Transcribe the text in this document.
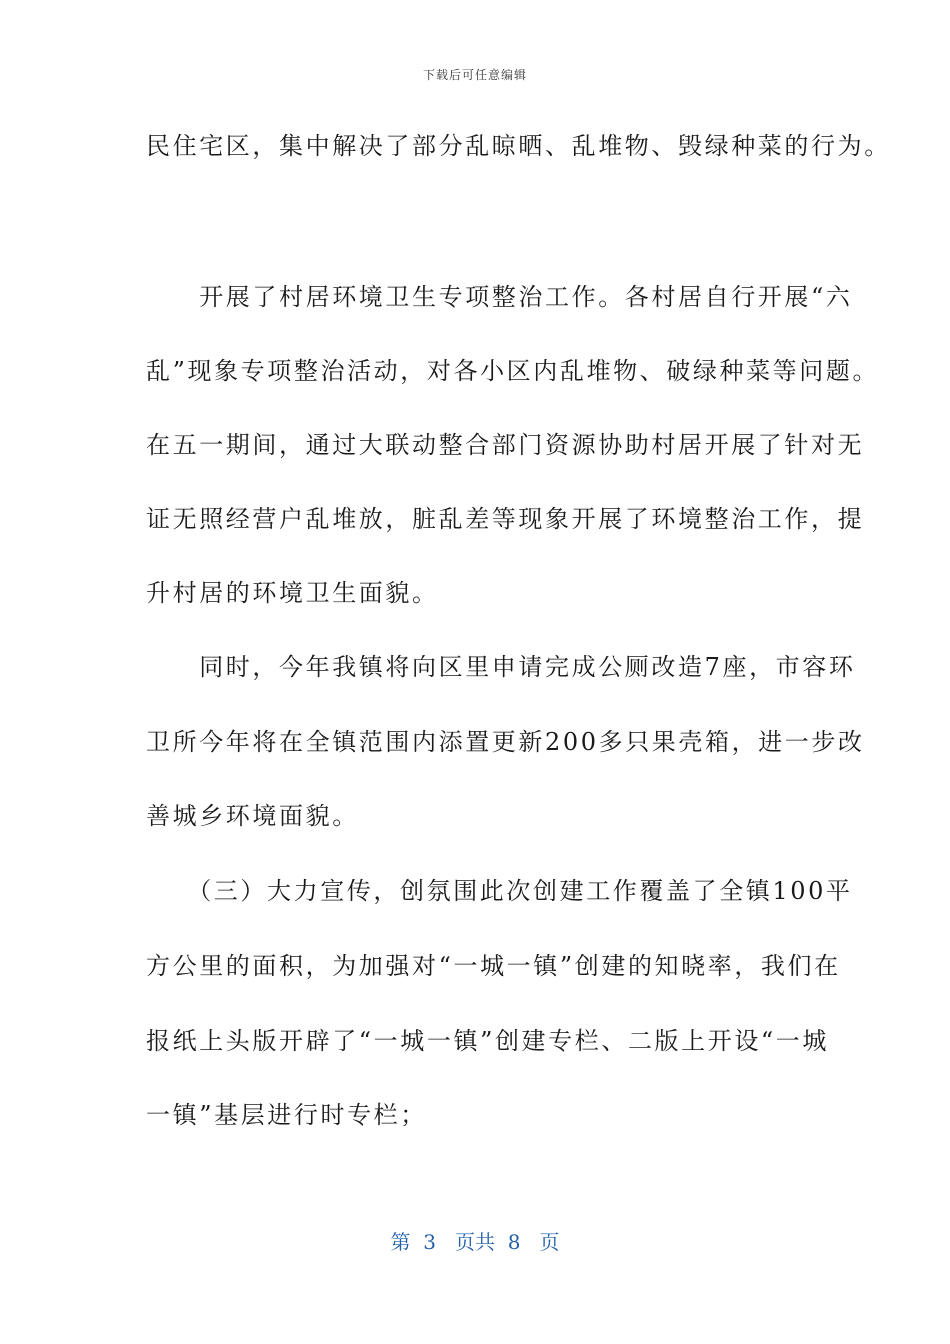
下载后可任意编辑
民住宅区，集中解决了部分乱晾晒、乱堆物、毁绿种菜的行为。
　　开展了村居环境卫生专项整治工作。各村居自行开展“六
乱”现象专项整治活动，对各小区内乱堆物、破绿种菜等问题。
在五一期间，通过大联动整合部门资源协助村居开展了针对无
证无照经营户乱堆放，脏乱差等现象开展了环境整治工作，提
升村居的环境卫生面貌。
　　同时，今年我镇将向区里申请完成公厕改造7座，市容环
卫所今年将在全镇范围内添置更新200多只果壳箱，进一步改
善城乡环境面貌。
　　（三）大力宣传，创氛围此次创建工作覆盖了全镇100平
方公里的面积，为加强对“一城一镇”创建的知晓率，我们在
报纸上头版开辟了“一城一镇”创建专栏、二版上开设“一城
一镇”基层进行时专栏；
第  3   页共  8   页
